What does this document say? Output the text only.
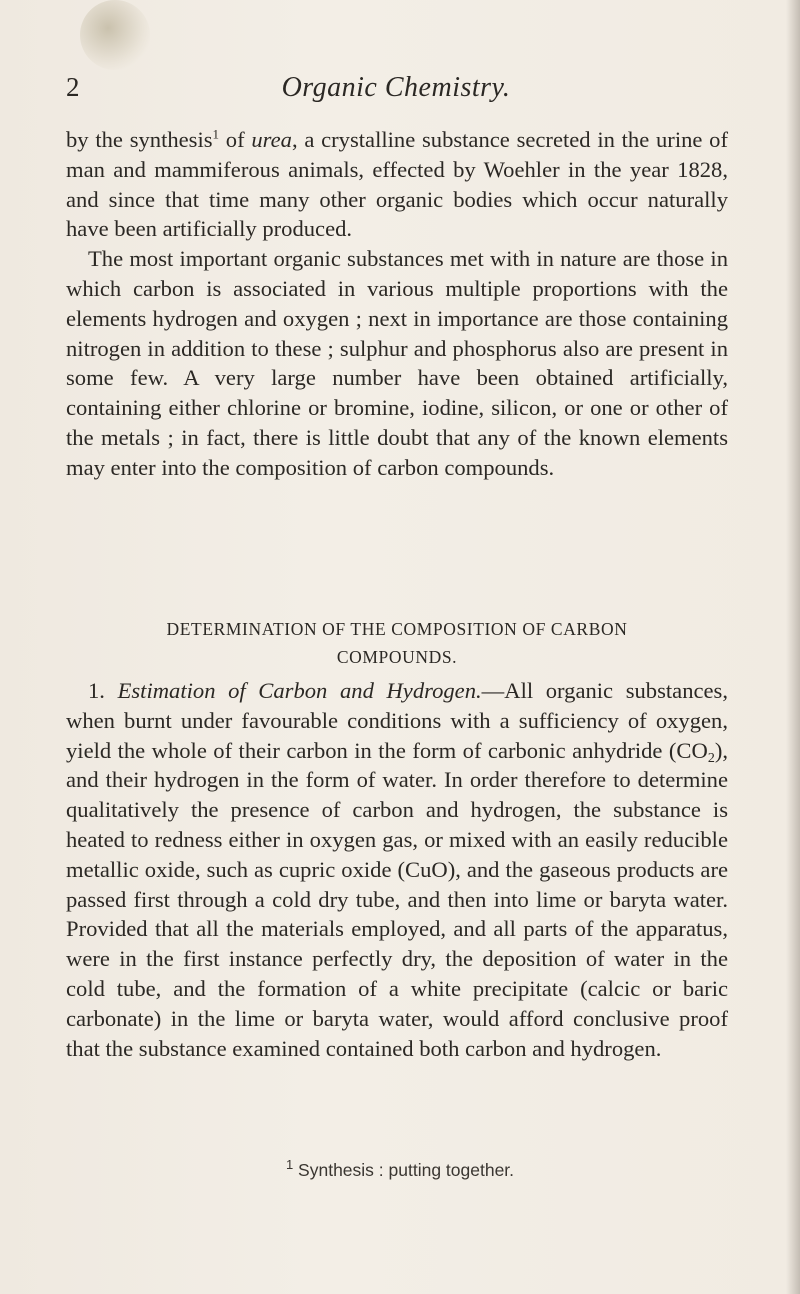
2	Organic Chemistry.

by the synthesis$^1$ of urea, a crystalline substance secreted in the urine of man and mammiferous animals, effected by Woehler in the year 1828, and since that time many other organic bodies which occur naturally have been artificially produced.

The most important organic substances met with in nature are those in which carbon is associated in various multiple proportions with the elements hydrogen and oxygen ; next in importance are those containing nitrogen in addition to these ; sulphur and phosphorus also are present in some few. A very large number have been obtained artificially, containing either chlorine or bromine, iodine, silicon, or one or other of the metals ; in fact, there is little doubt that any of the known elements may enter into the composition of carbon compounds.

DETERMINATION OF THE COMPOSITION OF CARBON
COMPOUNDS.

1. Estimation of Carbon and Hydrogen.—All organic substances, when burnt under favourable conditions with a sufficiency of oxygen, yield the whole of their carbon in the form of carbonic anhydride $(CO_2)$, and their hydrogen in the form of water. In order therefore to determine qualitatively the presence of carbon and hydrogen, the substance is heated to redness either in oxygen gas, or mixed with an easily reducible metallic oxide, such as cupric oxide (CuO), and the gaseous products are passed first through a cold dry tube, and then into lime or baryta water. Provided that all the materials employed, and all parts of the apparatus, were in the first instance perfectly dry, the deposition of water in the cold tube, and the formation of a white precipitate (calcic or baric carbonate) in the lime or baryta water, would afford conclusive proof that the substance examined contained both carbon and hydrogen.

$^1$ Synthesis : putting together.
